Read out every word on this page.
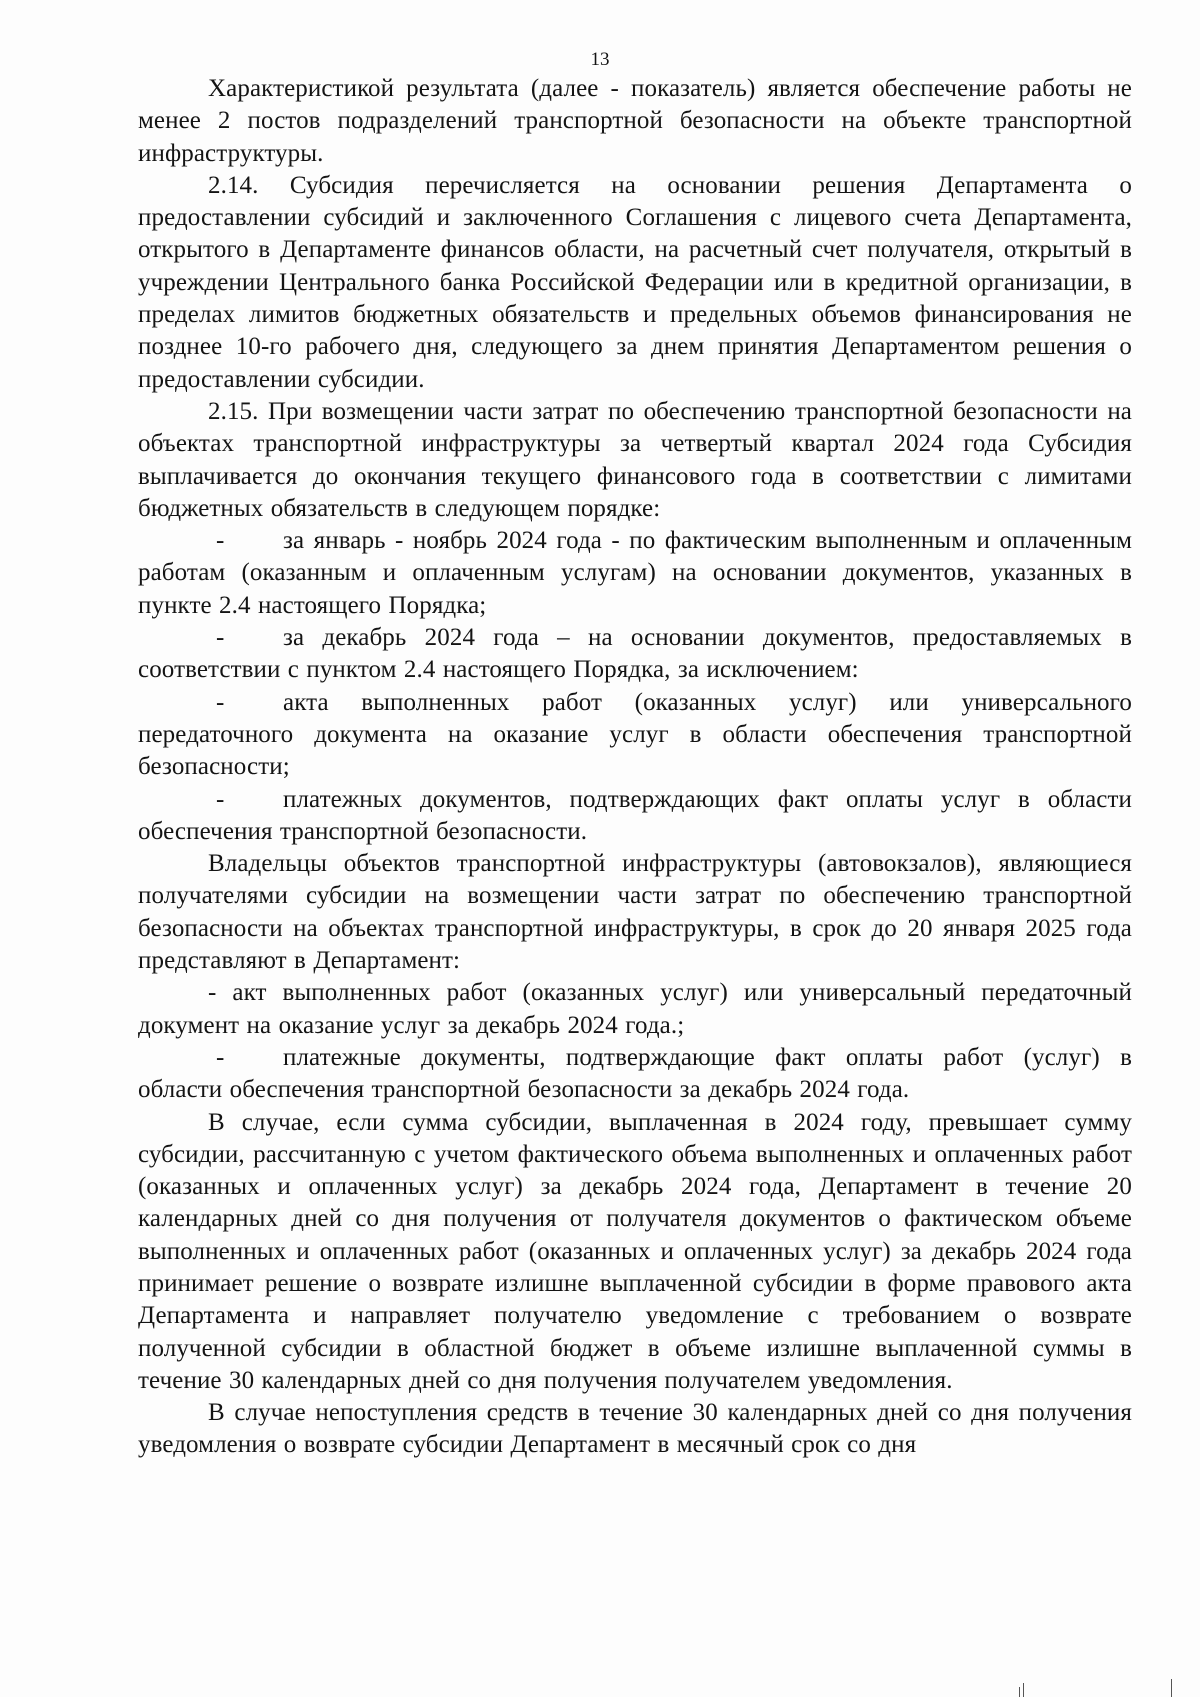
13

Характеристикой результата (далее - показатель) является обеспечение работы не менее 2 постов подразделений транспортной безопасности на объекте транспортной инфраструктуры.

2.14. Субсидия перечисляется на основании решения Департамента о предоставлении субсидий и заключенного Соглашения с лицевого счета Департамента, открытого в Департаменте финансов области, на расчетный счет получателя, открытый в учреждении Центрального банка Российской Федерации или в кредитной организации, в пределах лимитов бюджетных обязательств и предельных объемов финансирования не позднее 10-го рабочего дня, следующего за днем принятия Департаментом решения о предоставлении субсидии.

2.15. При возмещении части затрат по обеспечению транспортной безопасности на объектах транспортной инфраструктуры за четвертый квартал 2024 года Субсидия выплачивается до окончания текущего финансового года в соответствии с лимитами бюджетных обязательств в следующем порядке:

- за январь - ноябрь 2024 года - по фактическим выполненным и оплаченным работам (оказанным и оплаченным услугам) на основании документов, указанных в пункте 2.4 настоящего Порядка;

- за декабрь 2024 года – на основании документов, предоставляемых в соответствии с пунктом 2.4 настоящего Порядка, за исключением:

- акта выполненных работ (оказанных услуг) или универсального передаточного документа на оказание услуг в области обеспечения транспортной безопасности;

- платежных документов, подтверждающих факт оплаты услуг в области обеспечения транспортной безопасности.

Владельцы объектов транспортной инфраструктуры (автовокзалов), являющиеся получателями субсидии на возмещении части затрат по обеспечению транспортной безопасности на объектах транспортной инфраструктуры, в срок до 20 января 2025 года представляют в Департамент:

- акт выполненных работ (оказанных услуг) или универсальный передаточный документ на оказание услуг за декабрь 2024 года.;

- платежные документы, подтверждающие факт оплаты работ (услуг) в области обеспечения транспортной безопасности за декабрь 2024 года.

В случае, если сумма субсидии, выплаченная в 2024 году, превышает сумму субсидии, рассчитанную с учетом фактического объема выполненных и оплаченных работ (оказанных и оплаченных услуг) за декабрь 2024 года, Департамент в течение 20 календарных дней со дня получения от получателя документов о фактическом объеме выполненных и оплаченных работ (оказанных и оплаченных услуг) за декабрь 2024 года принимает решение о возврате излишне выплаченной субсидии в форме правового акта Департамента и направляет получателю уведомление с требованием о возврате полученной субсидии в областной бюджет в объеме излишне выплаченной суммы в течение 30 календарных дней со дня получения получателем уведомления.

В случае непоступления средств в течение 30 календарных дней со дня получения уведомления о возврате субсидии Департамент в месячный срок со дня
